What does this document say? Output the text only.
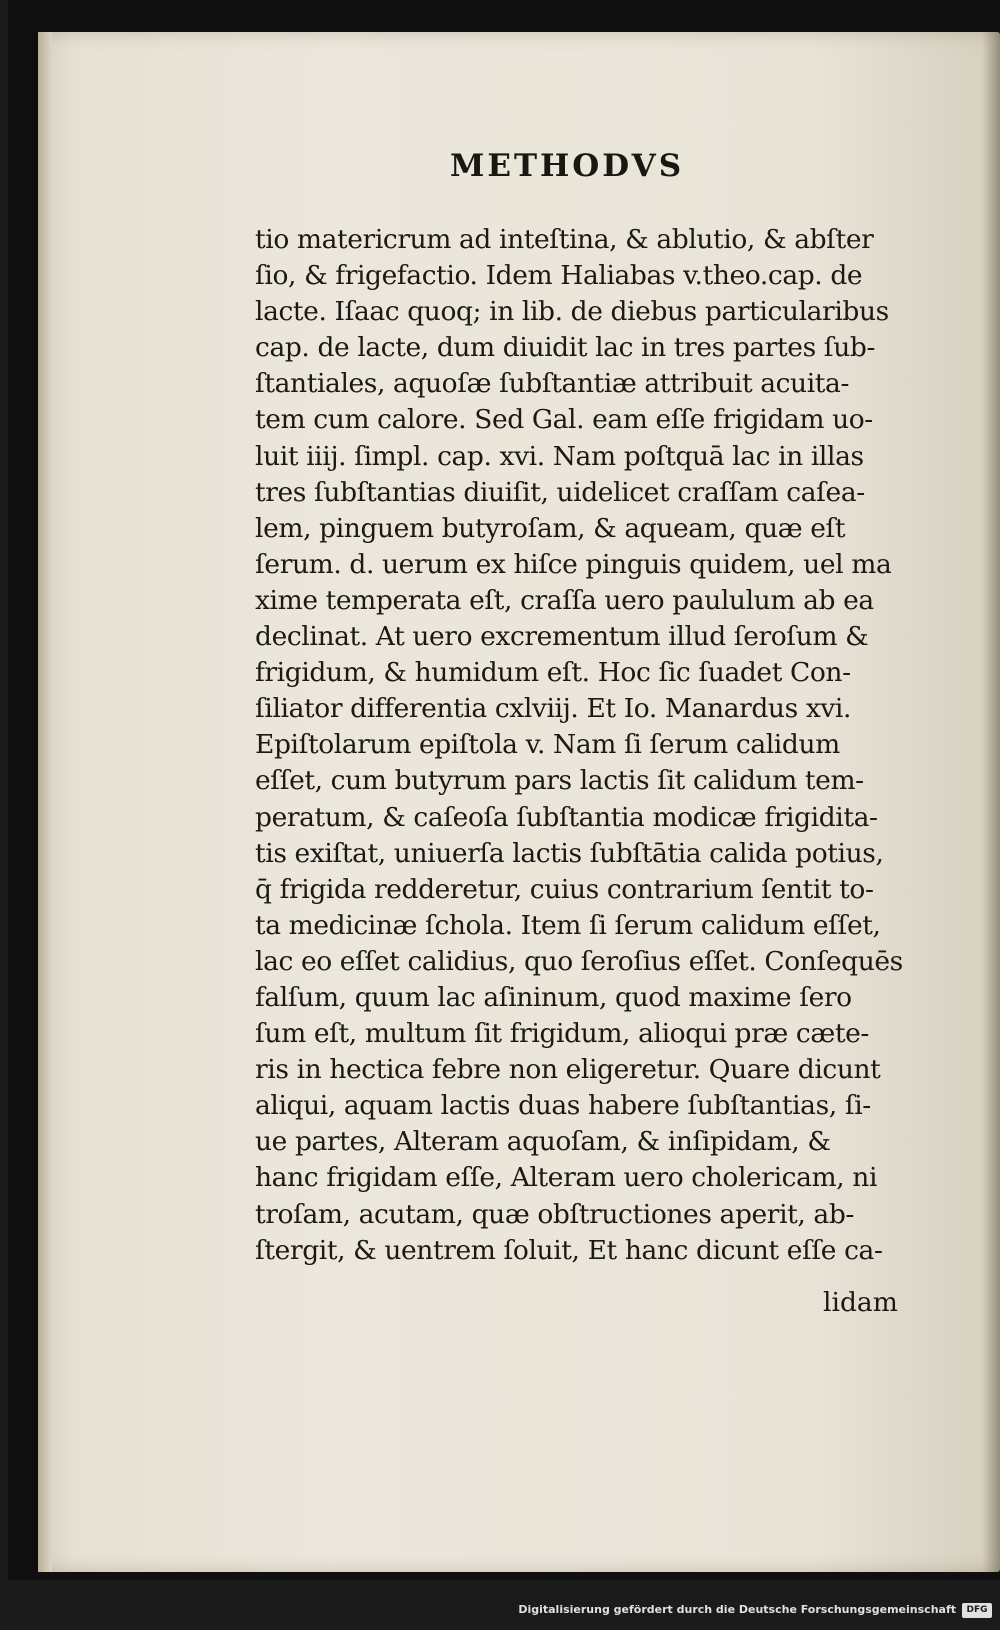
METHODVS
tio matericrum ad inteſtina, & ablutio, & abſter
ſio, & frigefactio. Idem Haliabas v.theo.cap. de
lacte. Iſaac quoq; in lib. de diebus particularibus
cap. de lacte, dum diuidit lac in tres partes ſub-
ſtantiales, aquoſæ ſubſtantiæ attribuit acuita-
tem cum calore. Sed Gal. eam eſſe frigidam uo-
luit iiij. ſimpl. cap. xvi. Nam poſtquā lac in illas
tres ſubſtantias diuiſit, uidelicet craſſam caſea-
lem, pinguem butyroſam, & aqueam, quæ eſt
ſerum. d. uerum ex hiſce pinguis quidem, uel ma
xime temperata eſt, craſſa uero paululum ab ea
declinat. At uero excrementum illud ſeroſum &
frigidum, & humidum eſt. Hoc ſic ſuadet Con-
ſiliator differentia cxlviij. Et Io. Manardus xvi.
Epiſtolarum epiſtola v. Nam ſi ſerum calidum
eſſet, cum butyrum pars lactis ſit calidum tem-
peratum, & caſeoſa ſubſtantia modicæ frigidita-
tis exiſtat, uniuerſa lactis ſubſtātia calida potius,
q̄ frigida redderetur, cuius contrarium ſentit to-
ta medicinæ ſchola. Item ſi ſerum calidum eſſet,
lac eo eſſet calidius, quo ſeroſius eſſet. Conſequēs
falſum, quum lac aſininum, quod maxime ſero
ſum eſt, multum ſit frigidum, alioqui præ cæte-
ris in hectica febre non eligeretur. Quare dicunt
aliqui, aquam lactis duas habere ſubſtantias, ſi-
ue partes, Alteram aquoſam, & inſipidam, &
hanc frigidam eſſe, Alteram uero cholericam, ni
troſam, acutam, quæ obſtructiones aperit, ab-
ſtergit, & uentrem ſoluit, Et hanc dicunt eſſe ca-
lidam
Digitalisierung gefördert durch die Deutsche Forschungsgemeinschaft	DFG
